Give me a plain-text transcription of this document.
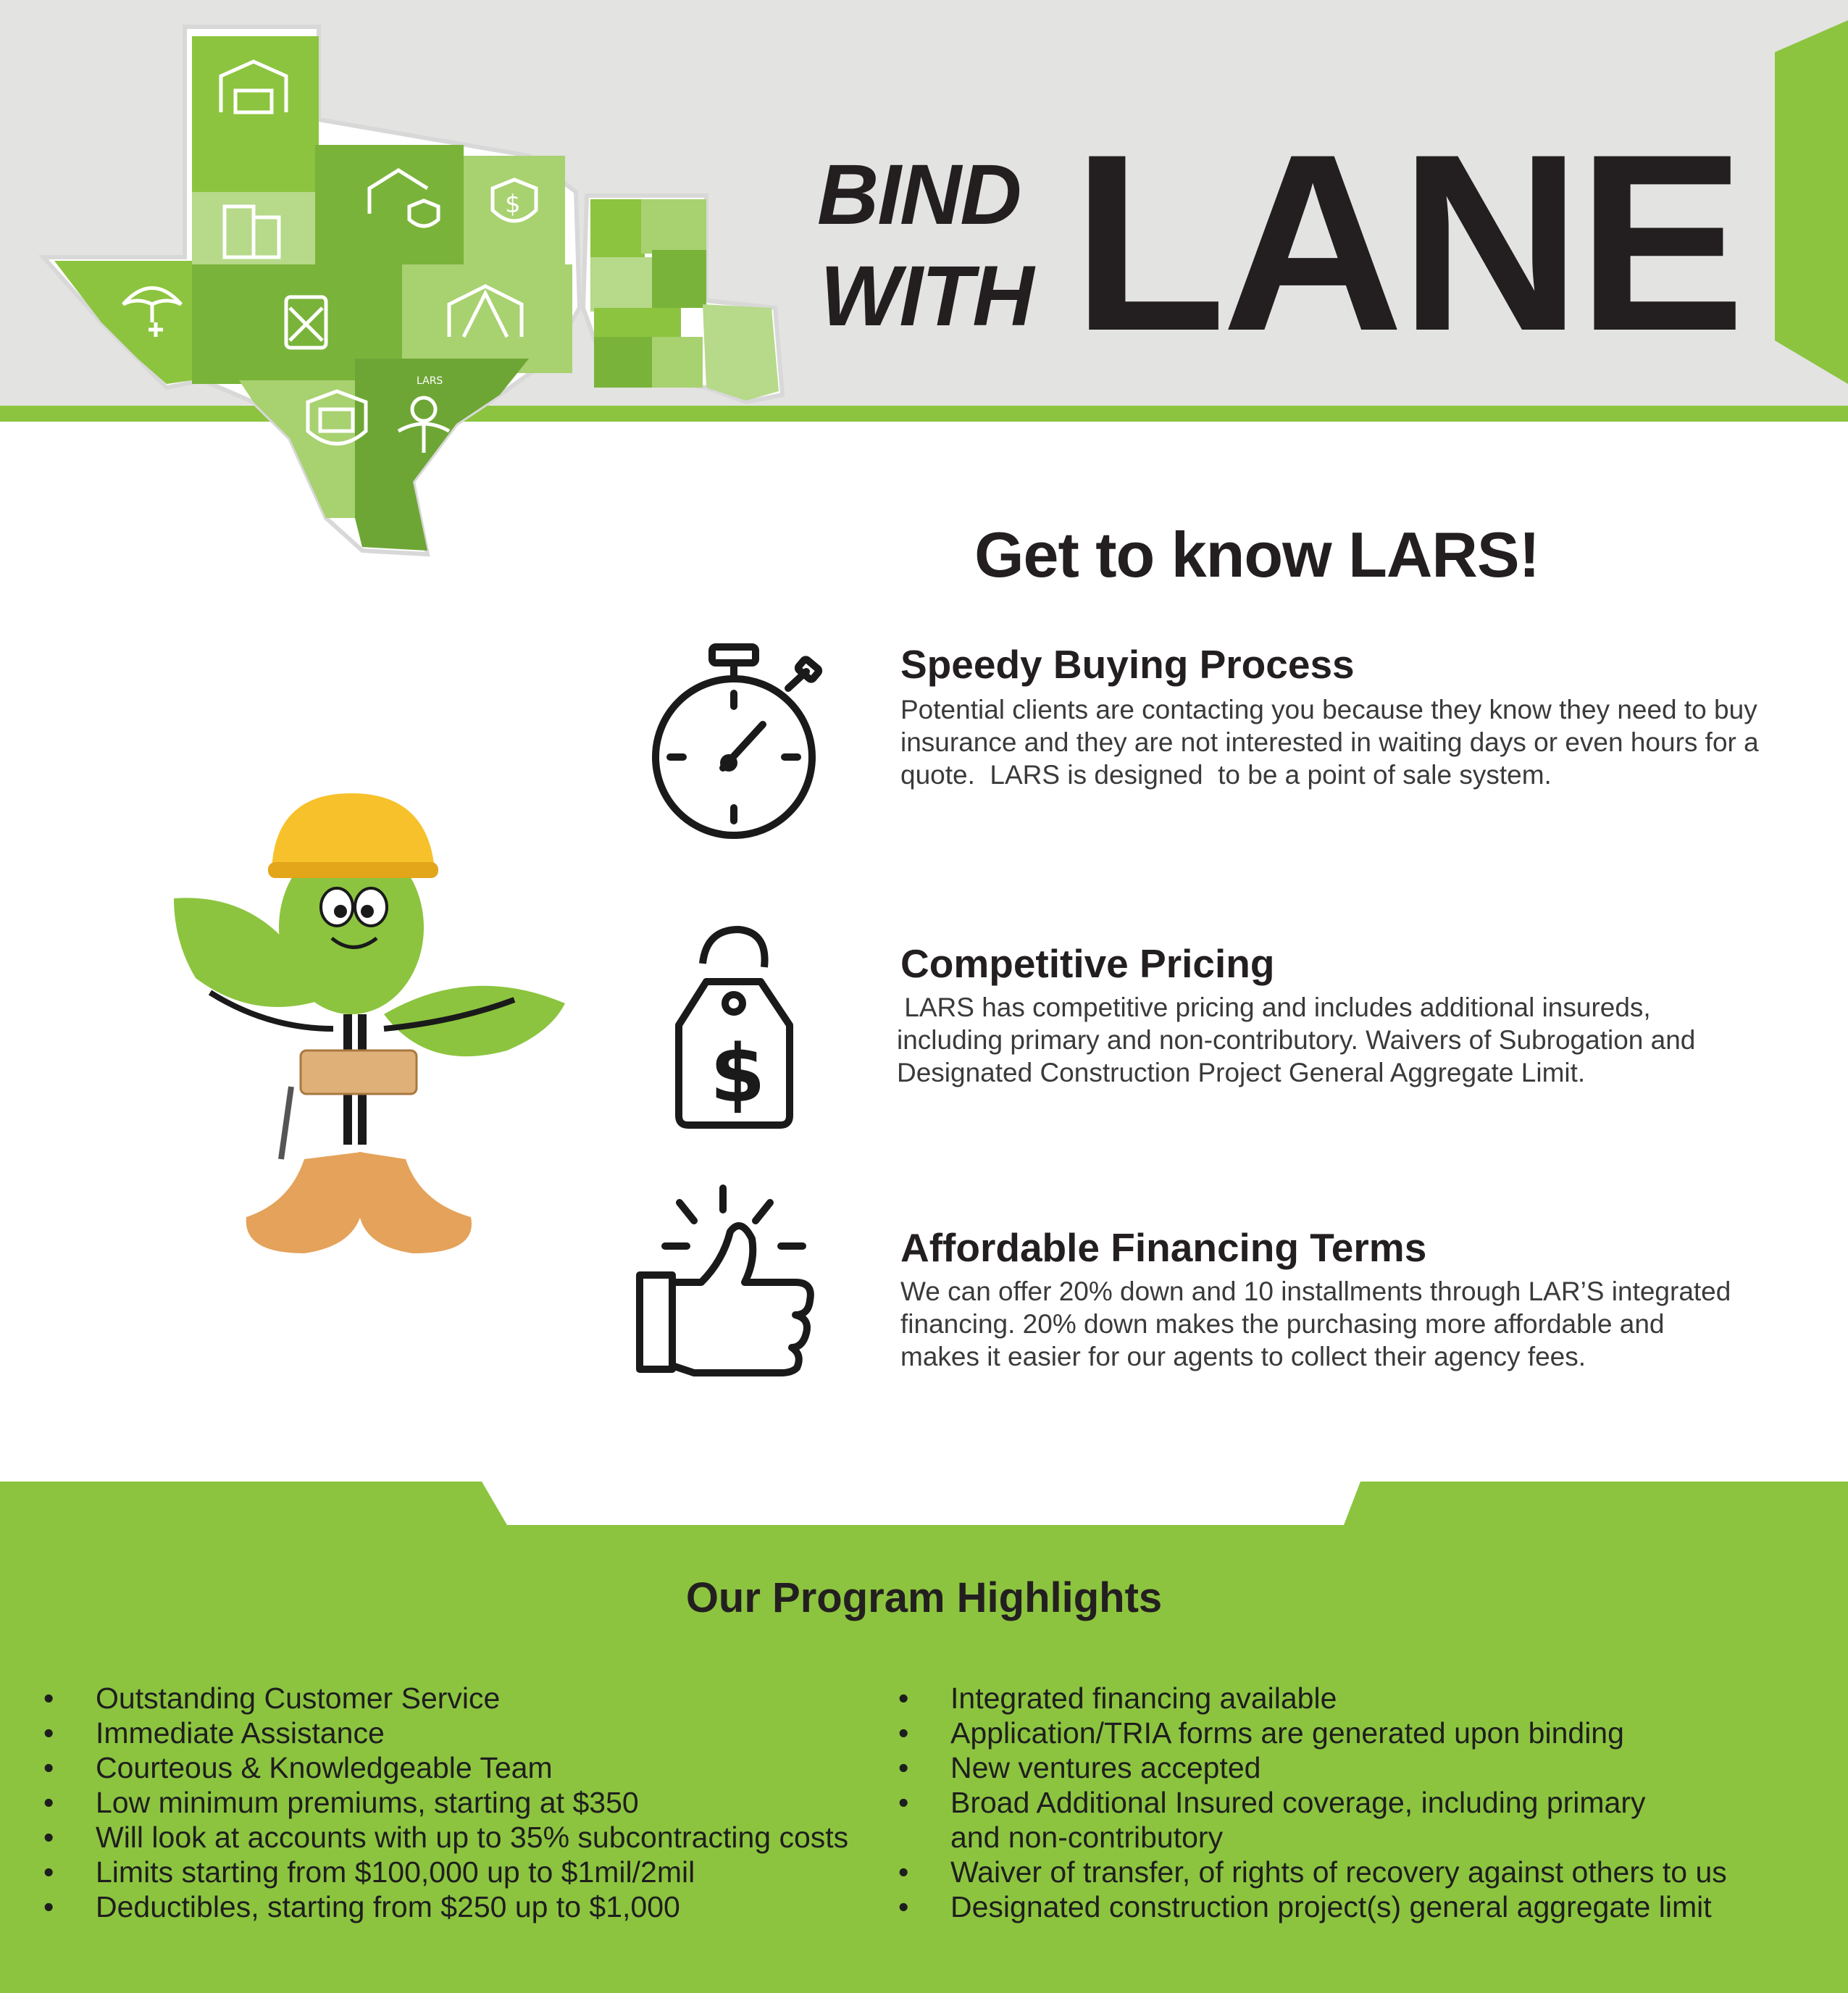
$
LARS
BIND
WITH LANE
Get to know LARS!
$
Speedy Buying Process
Potential clients are contacting you because they know they need to buy
insurance and they are not interested in waiting days or even hours for a
quote.  LARS is designed  to be a point of sale system.
Competitive Pricing
LARS has competitive pricing and includes additional insureds,
including primary and non-contributory. Waivers of Subrogation and
Designated Construction Project General Aggregate Limit.
Affordable Financing Terms
We can offer 20% down and 10 installments through LAR’S integrated
financing. 20% down makes the purchasing more affordable and
makes it easier for our agents to collect their agency fees.
Our Program Highlights
• Outstanding Customer Service
• Immediate Assistance
• Courteous & Knowledgeable Team
• Low minimum premiums, starting at $350
• Will look at accounts with up to 35% subcontracting costs
• Limits starting from $100,000 up to $1mil/2mil
• Deductibles, starting from $250 up to $1,000
• Integrated financing available
• Application/TRIA forms are generated upon binding
• New ventures accepted
• Broad Additional Insured coverage, including primary
and non-contributory
• Waiver of transfer, of rights of recovery against others to us
• Designated construction project(s) general aggregate limit
